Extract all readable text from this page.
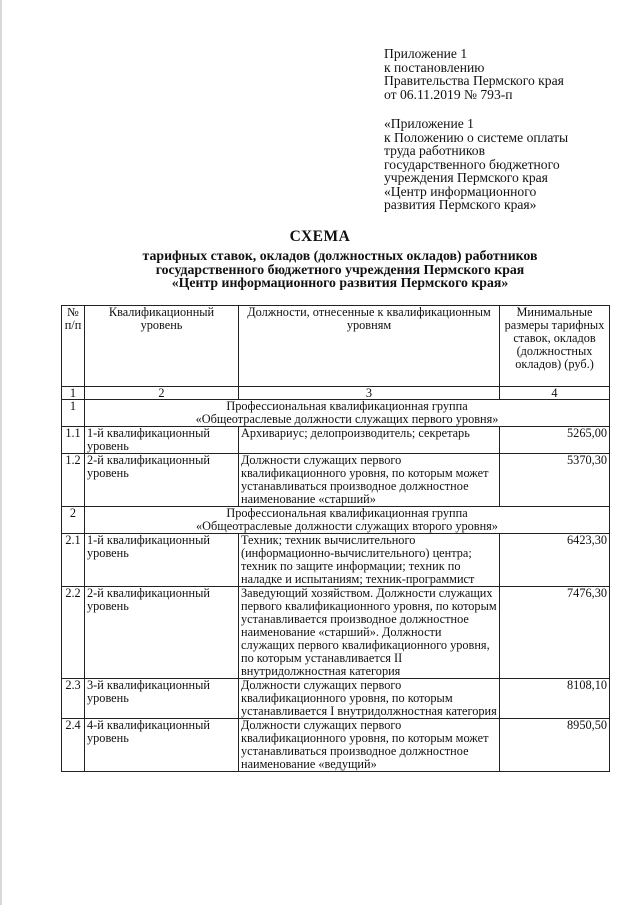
Приложение 1
к постановлению
Правительства Пермского края
от 06.11.2019 № 793-п
«Приложение 1
к Положению о системе оплаты
труда работников
государственного бюджетного
учреждения Пермского края
«Центр информационного
развития Пермского края»
СХЕМА
тарифных ставок, окладов (должностных окладов) работников
государственного бюджетного учреждения Пермского края
«Центр информационного развития Пермского края»
№ п/п	Квалификационный уровень	Должности, отнесенные к квалификационным уровням	Минимальные размеры тарифных ставок, окладов (должностных окладов) (руб.)
1	2	3	4
1	Профессиональная квалификационная группа
«Общеотраслевые должности служащих первого уровня»		

1.1	1-й квалификационный уровень	Архивариус; делопроизводитель; секретарь	5265,00
1.2	2-й квалификационный уровень	Должности служащих первого квалификационного уровня, по которым может устанавливаться производное должностное наименование «старший»	5370,30
2	Профессиональная квалификационная группа
«Общеотраслевые должности служащих второго уровня»		

2.1	1-й квалификационный уровень	Техник; техник вычислительного (информационно-вычислительного) центра; техник по защите информации; техник по наладке и испытаниям; техник-программист	6423,30
2.2	2-й квалификационный уровень	Заведующий хозяйством. Должности служащих первого квалификационного уровня, по которым устанавливается производное должностное наименование «старший». Должности служащих первого квалификационного уровня, по которым устанавливается II внутридолжностная категория	7476,30
2.3	3-й квалификационный уровень	Должности служащих первого квалификационного уровня, по которым устанавливается I внутридолжностная категория	8108,10
2.4	4-й квалификационный уровень	Должности служащих первого квалификационного уровня, по которым может устанавливаться производное должностное наименование «ведущий»	8950,50
